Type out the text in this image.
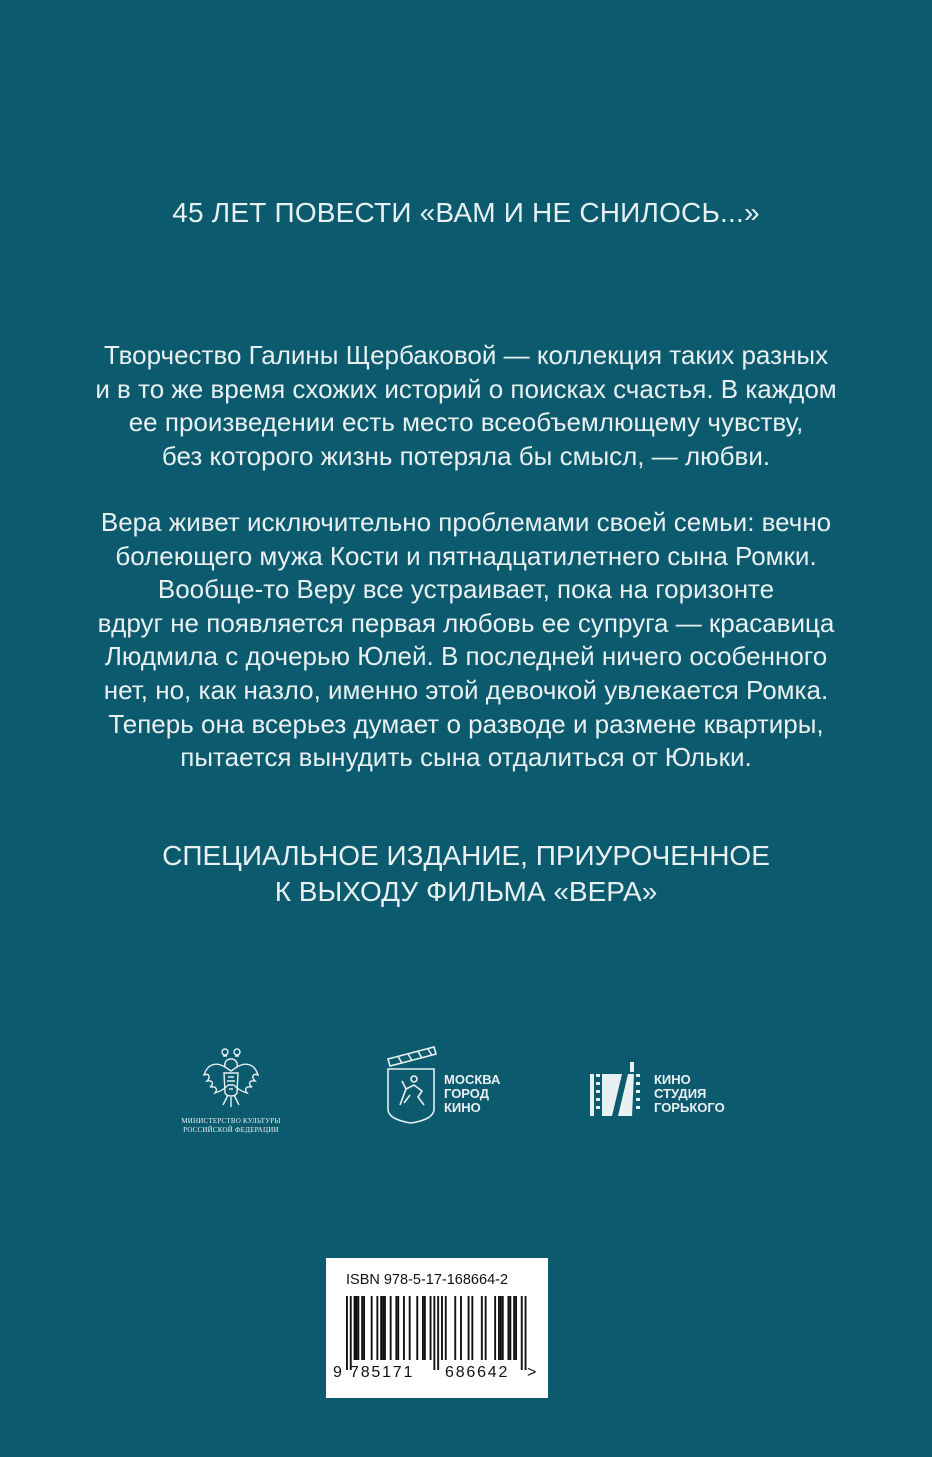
45 ЛЕТ ПОВЕСТИ «ВАМ И НЕ СНИЛОСЬ...»
Творчество Галины Щербаковой — коллекция таких разных
и в то же время схожих историй о поисках счастья. В каждом
ее произведении есть место всеобъемлющему чувству,
без которого жизнь потеряла бы смысл, — любви.
Вера живет исключительно проблемами своей семьи: вечно
болеющего мужа Кости и пятнадцатилетнего сына Ромки.
Вообще-то Веру все устраивает, пока на горизонте
вдруг не появляется первая любовь ее супруга — красавица
Людмила с дочерью Юлей. В последней ничего особенного
нет, но, как назло, именно этой девочкой увлекается Ромка.
Теперь она всерьез думает о разводе и размене квартиры,
пытается вынудить сына отдалиться от Юльки.
СПЕЦИАЛЬНОЕ ИЗДАНИЕ, ПРИУРОЧЕННОЕ
К ВЫХОДУ ФИЛЬМА «ВЕРА»
МИНИСТЕРСТВО КУЛЬТУРЫ
РОССИЙСКОЙ ФЕДЕРАЦИИ
МОСКВА
ГОРОД
КИНО
КИНО
СТУДИЯ
ГОРЬКОГО
ISBN 978-5-17-168664-2
9 785171 686642 >
